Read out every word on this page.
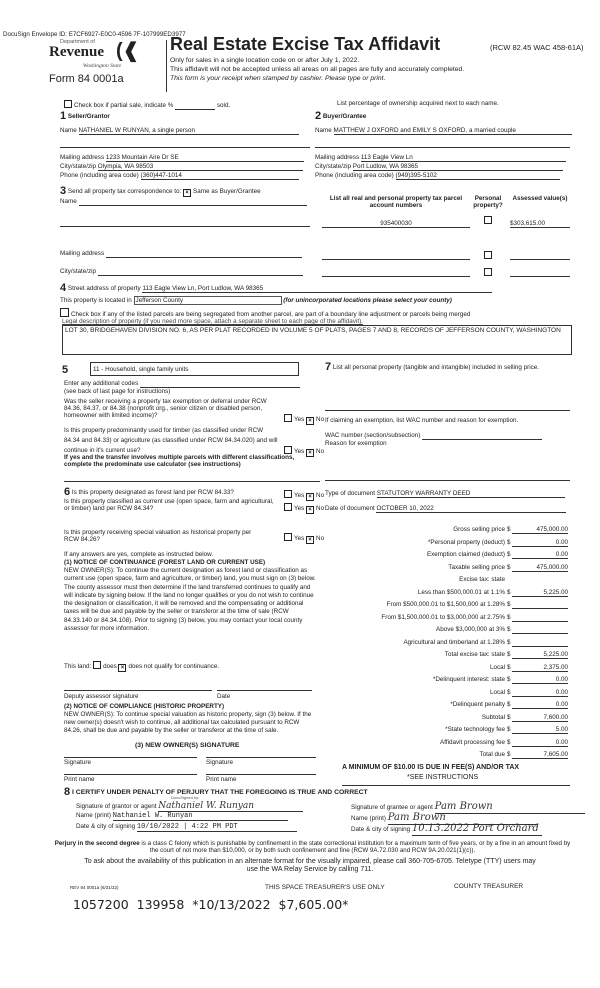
DocuSign Envelope ID: E7CF6927-E0C0-4596 7F-107999ED3977
Department of
Revenue (❰
Washington State
Form 84 0001a
Real Estate Excise Tax Affidavit	(RCW 82.45 WAC 458-61A)
Only for sales in a single location code on or after July 1, 2022.
This affidavit will not be accepted unless all areas on all pages are fully and accurately completed.
This form is your receipt when stamped by cashier. Please type or print.
Check box if partial sale, indicate %	sold.	List percentage of ownership acquired next to each name.
1 Seller/Grantor
Name NATHANIEL W RUNYAN, a single person
Mailing address 1233 Mountain Aire Dr SE
City/state/zip Olympia, WA 98503
Phone (including area code) (360)447-1014
2 Buyer/Grantee
Name MATTHEW J OXFORD and EMILY S OXFORD, a married couple
Mailing address 113 Eagle View Ln
City/state/zip Port Ludlow, WA 98365
Phone (including area code) (949)395-5102
3 Send all property tax correspondence to: × Same as Buyer/Grantee
Name
Mailing address
City/state/zip
List all real and personal property tax parcel account numbers
Personal property?
Assessed value(s)
935400030	$303,615.00
4 Street address of property 113 Eagle View Ln, Port Ludlow, WA 98365
This property is located in Jefferson County	(for unincorporated locations please select your county)
Check box if any of the listed parcels are being segregated from another parcel, are part of a boundary line adjustment or parcels being merged
Legal description of property (if you need more space, attach a separate sheet to each page of the affidavit).
LOT 30, BRIDGEHAVEN DIVISION NO. 6, AS PER PLAT RECORDED IN VOLUME 5 OF PLATS, PAGES 7 AND 8, RECORDS OF JEFFERSON COUNTY, WASHINGTON
5	11 - Household, single family units
Enter any additional codes
(see back of last page for instructions)
Was the seller receiving a property tax exemption or deferral under RCW 84.36, 84.37, or 84.38 (nonprofit org., senior citizen or disabled person, homeowner with limited income)?
Yes × No
Is this property predominantly used for timber (as classified under RCW 84.34 and 84.33) or agriculture (as classified under RCW 84.34.020) and will continue in it's current use?	Yes × No
If yes and the transfer involves multiple parcels with different classifications, complete the predominate use calculator (see instructions)
6 Is this property designated as forest land per RCW 84.33?	Yes × No
Is this property classified as current use (open space, farm and agricultural, or timber) land per RCW 84.34?	Yes × No
Is this property receiving special valuation as historical property per RCW 84.26?	Yes × No
If any answers are yes, complete as instructed below.
(1) NOTICE OF CONTINUANCE (FOREST LAND OR CURRENT USE)
NEW OWNER(S): To continue the current designation as forest land or classification as current use (open space, farm and agriculture, or timber) land, you must sign on (3) below. The county assessor must then determine if the land transferred continues to qualify and will indicate by signing below. If the land no longer qualifies or you do not wish to continue the designation or classification, it will be removed and the compensating or additional taxes will be due and payable by the seller or transferor at the time of sale (RCW 84.33.140 or 84.34.108). Prior to signing (3) below, you may contact your local county assessor for more information.
This land: does × does not qualify for continuance.
Deputy assessor signature	Date
(2) NOTICE OF COMPLIANCE (HISTORIC PROPERTY)
NEW OWNER(S): To continue special valuation as historic property, sign (3) below. If the new owner(s) doesn't wish to continue, all additional tax calculated pursuant to RCW 84.26, shall be due and payable by the seller or transferor at the time of sale.
(3) NEW OWNER(S) SIGNATURE
Signature	Signature
Print name	Print name
7 List all personal property (tangible and intangible) included in selling price.
If claiming an exemption, list WAC number and reason for exemption.
WAC number (section/subsection)
Reason for exemption
Type of document STATUTORY WARRANTY DEED
Date of document OCTOBER 10, 2022
Gross selling price $	475,000.00
*Personal property (deduct) $	0.00
Exemption claimed (deduct) $	0.00
Taxable selling price $	475,000.00
Excise tax: state
Less than $500,000.01 at 1.1% $	5,225.00
From $500,000.01 to $1,500,000 at 1.28% $
From $1,500,000.01 to $3,000,000 at 2.75% $
Above $3,000,000 at 3% $
Agricultural and timberland at 1.28% $
Total excise tax: state $	5,225.00
Local $	2,375.00
*Delinquent interest: state $	0.00
Local $	0.00
*Delinquent penalty $	0.00
Subtotal $	7,600.00
*State technology fee $	5.00
Affidavit processing fee $	0.00
Total due $	7,605.00
A MINIMUM OF $10.00 IS DUE IN FEE(S) AND/OR TAX
*SEE INSTRUCTIONS
8 I CERTIFY UNDER PENALTY OF PERJURY THAT THE FOREGOING IS TRUE AND CORRECT
Signature of grantor or agent Nathaniel W. Runyan
DocuSigned by:
Name (print) Nathaniel W. Runyan
Date & city of signing 10/10/2022 | 4:22 PM PDT
Signature of grantee or agent Pam Brown
Name (print) Pam Brown
Date & city of signing 10.13.2022 Port Orchard
Perjury in the second degree is a class C felony which is punishable by confinement in the state correctional institution for a maximum term of five years, or by a fine in an amount fixed by the court of not more than $10,000, or by both such confinement and fine (RCW 9A.72.030 and RCW 9A.20.021(1)(c)).
To ask about the availability of this publication in an alternate format for the visually impaired, please call 360-705-6705. Teletype (TTY) users may use the WA Relay Service by calling 711.
REV 84 0001a (6/31/22)	THIS SPACE TREASURER'S USE ONLY	COUNTY TREASURER
1057200  139958  *10/13/2022  $7,605.00*
